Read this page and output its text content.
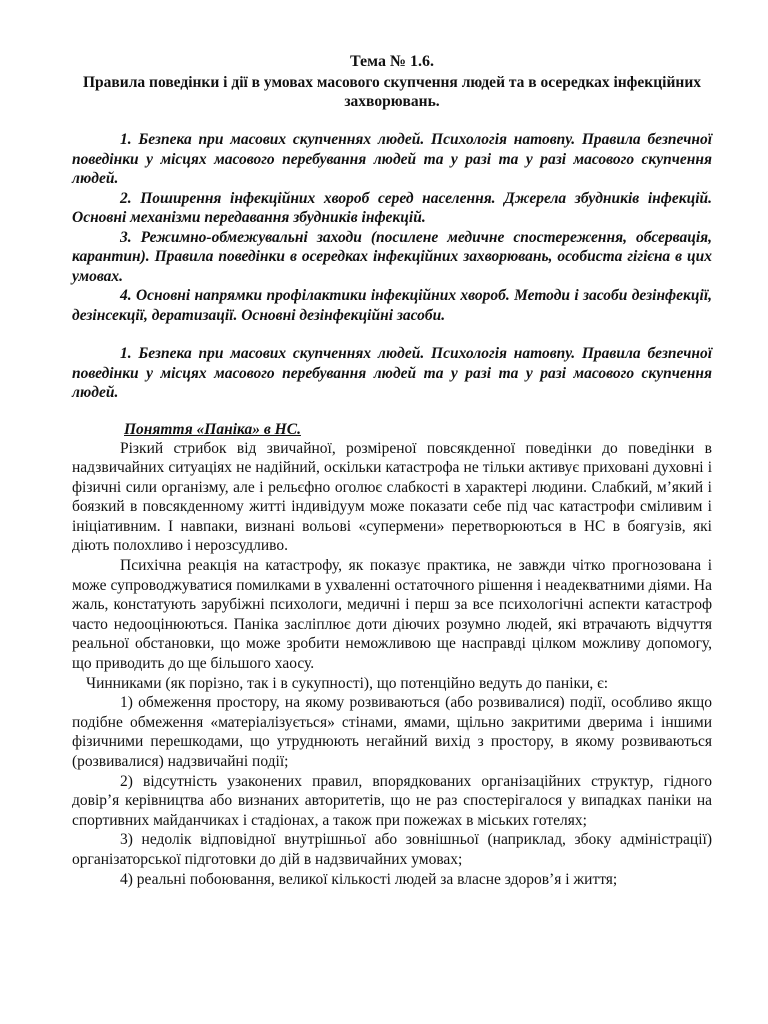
Тема № 1.6.
Правила поведінки і дії в умовах масового скупчення людей та в осередках інфекційних захворювань.

1. Безпека при масових скупченнях людей. Психологія натовпу. Правила безпечної поведінки у місцях масового перебування людей та у разі та у разі масового скупчення людей.

2. Поширення інфекційних хвороб серед населення. Джерела збудників інфекцій. Основні механізми передавання збудників інфекцій.

3. Режимно-обмежувальні заходи (посилене медичне спостереження, обсервація, карантин). Правила поведінки в осередках інфекційних захворювань, особиста гігієна в цих умовах.

4. Основні напрямки профілактики інфекційних хвороб. Методи і засоби дезінфекції, дезінсекції, дератизації. Основні дезінфекційні засоби.

1. Безпека при масових скупченнях людей. Психологія натовпу. Правила безпечної поведінки у місцях масового перебування людей та у разі та у разі масового скупчення людей.

Поняття «Паніка» в НС.

Різкий стрибок від звичайної, розміреної повсякденної поведінки до поведінки в надзвичайних ситуаціях не надійний, оскільки катастрофа не тільки активує приховані духовні і фізичні сили організму, але і рельєфно оголює слабкості в характері людини. Слабкий, м’який і боязкий в повсякденному житті індивідуум може показати себе під час катастрофи сміливим і ініціативним. І навпаки, визнані вольові «супермени» перетворюються в НС в боягузів, які діють полохливо і нерозсудливо.

Психічна реакція на катастрофу, як показує практика, не завжди чітко прогнозована і може супроводжуватися помилками в ухваленні остаточного рішення і неадекватними діями. На жаль, констатують зарубіжні психологи, медичні і перш за все психологічні аспекти катастроф часто недооцінюються. Паніка засліплює доти діючих розумно людей, які втрачають відчуття реальної обстановки, що може зробити неможливою ще насправді цілком можливу допомогу, що приводить до ще більшого хаосу.

Чинниками (як порізно, так і в сукупності), що потенційно ведуть до паніки, є:

1) обмеження простору, на якому розвиваються (або розвивалися) події, особливо якщо подібне обмеження «матеріалізується» стінами, ямами, щільно закритими дверима і іншими фізичними перешкодами, що утруднюють негайний вихід з простору, в якому розвиваються (розвивалися) надзвичайні події;

2) відсутність узаконених правил, впорядкованих організаційних структур, гідного довір’я керівництва або визнаних авторитетів, що не раз спостерігалося у випадках паніки на спортивних майданчиках і стадіонах, а також при пожежах в міських готелях;

3) недолік відповідної внутрішньої або зовнішньої (наприклад, збоку адміністрації) організаторської підготовки до дій в надзвичайних умовах;

4) реальні побоювання, великої кількості людей за власне здоров’я і життя;
